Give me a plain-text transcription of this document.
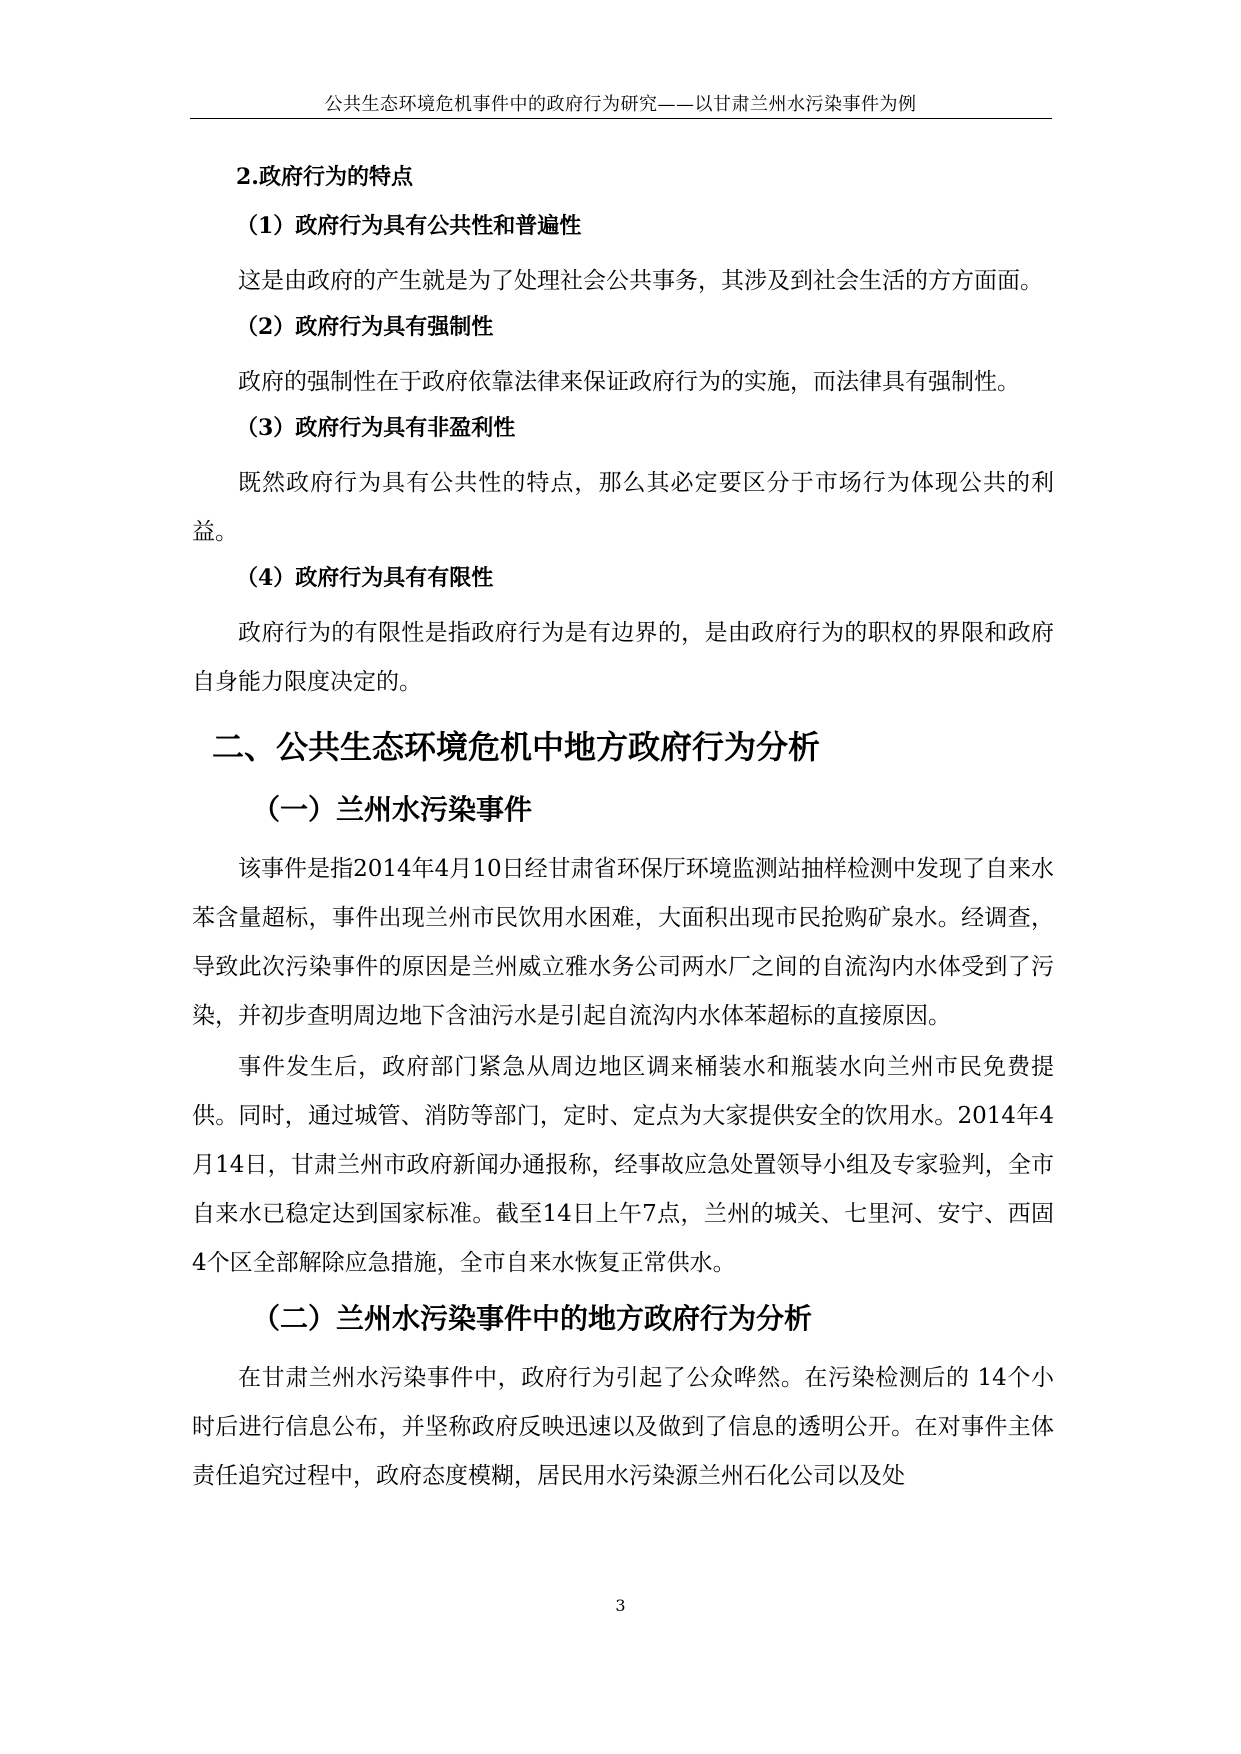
公共生态环境危机事件中的政府行为研究——以甘肃兰州水污染事件为例
2.政府行为的特点
（1）政府行为具有公共性和普遍性

这是由政府的产生就是为了处理社会公共事务，其涉及到社会生活的方方面面。

（2）政府行为具有强制性

政府的强制性在于政府依靠法律来保证政府行为的实施，而法律具有强制性。

（3）政府行为具有非盈利性

既然政府行为具有公共性的特点，那么其必定要区分于市场行为体现公共的利益。

（4）政府行为具有有限性

政府行为的有限性是指政府行为是有边界的，是由政府行为的职权的界限和政府自身能力限度决定的。

二、公共生态环境危机中地方政府行为分析
（一）兰州水污染事件

该事件是指2014年4月10日经甘肃省环保厅环境监测站抽样检测中发现了自来水苯含量超标，事件出现兰州市民饮用水困难，大面积出现市民抢购矿泉水。经调查，导致此次污染事件的原因是兰州威立雅水务公司两水厂之间的自流沟内水体受到了污染，并初步查明周边地下含油污水是引起自流沟内水体苯超标的直接原因。

事件发生后，政府部门紧急从周边地区调来桶装水和瓶装水向兰州市民免费提供。同时，通过城管、消防等部门，定时、定点为大家提供安全的饮用水。2014年4月14日，甘肃兰州市政府新闻办通报称，经事故应急处置领导小组及专家验判，全市自来水已稳定达到国家标准。截至14日上午7点，兰州的城关、七里河、安宁、西固4个区全部解除应急措施，全市自来水恢复正常供水。

（二）兰州水污染事件中的地方政府行为分析

在甘肃兰州水污染事件中，政府行为引起了公众哗然。在污染检测后的 14个小时后进行信息公布，并坚称政府反映迅速以及做到了信息的透明公开。在对事件主体责任追究过程中，政府态度模糊，居民用水污染源兰州石化公司以及处

3
